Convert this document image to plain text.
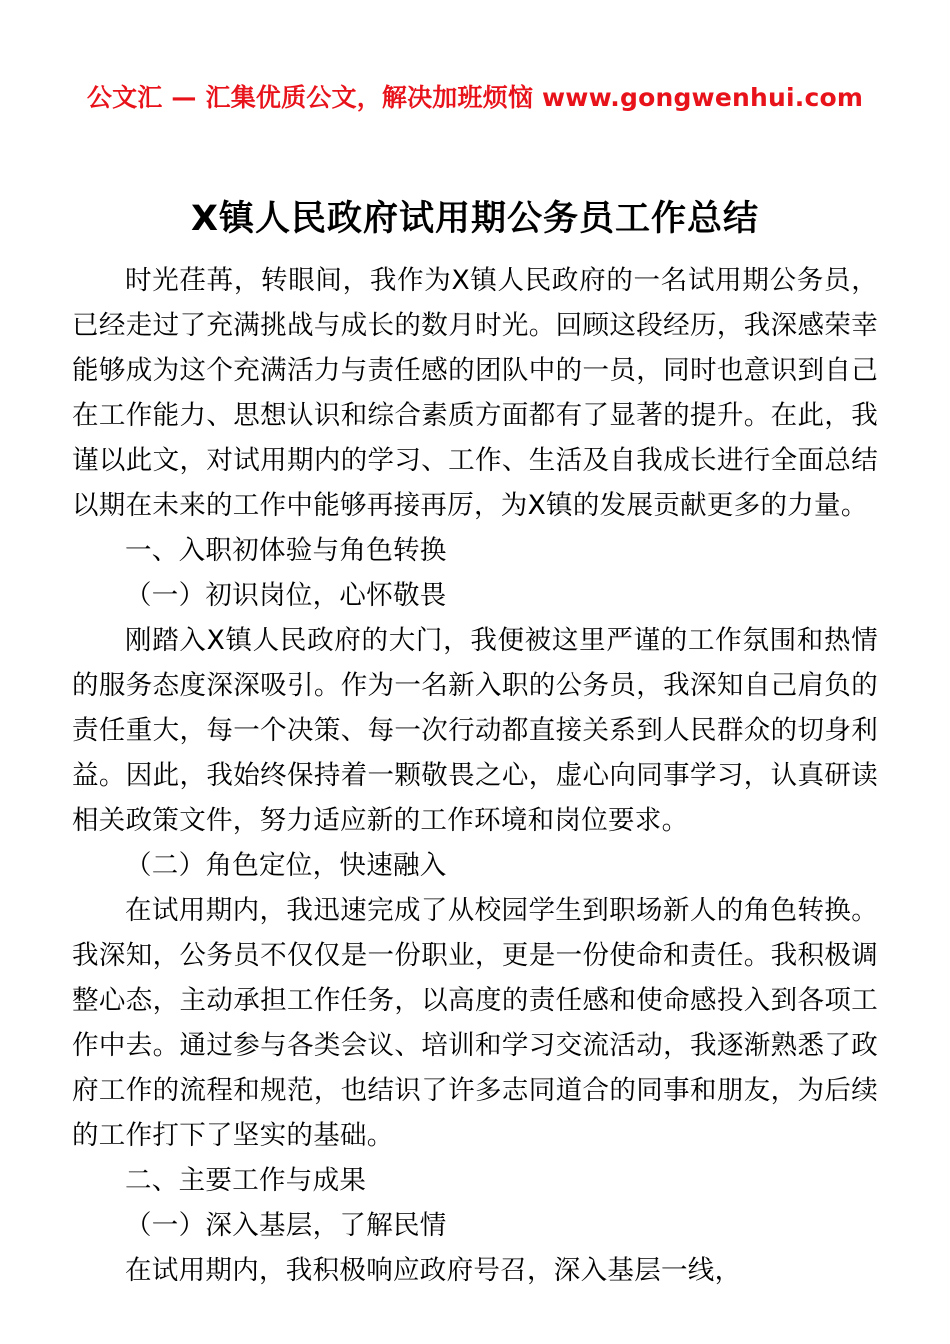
公文汇 — 汇集优质公文，解决加班烦恼 www.gongwenhui.com
X镇人民政府试用期公务员工作总结

时光荏苒，转眼间，我作为X镇人民政府的一名试用期公务员，已经走过了充满挑战与成长的数月时光。回顾这段经历，我深感荣幸能够成为这个充满活力与责任感的团队中的一员，同时也意识到自己在工作能力、思想认识和综合素质方面都有了显著的提升。在此，我谨以此文，对试用期内的学习、工作、生活及自我成长进行全面总结以期在未来的工作中能够再接再厉，为X镇的发展贡献更多的力量。

一、入职初体验与角色转换

（一）初识岗位，心怀敬畏

刚踏入X镇人民政府的大门，我便被这里严谨的工作氛围和热情的服务态度深深吸引。作为一名新入职的公务员，我深知自己肩负的责任重大，每一个决策、每一次行动都直接关系到人民群众的切身利益。因此，我始终保持着一颗敬畏之心，虚心向同事学习，认真研读相关政策文件，努力适应新的工作环境和岗位要求。

（二）角色定位，快速融入

在试用期内，我迅速完成了从校园学生到职场新人的角色转换。我深知，公务员不仅仅是一份职业，更是一份使命和责任。我积极调整心态，主动承担工作任务，以高度的责任感和使命感投入到各项工作中去。通过参与各类会议、培训和学习交流活动，我逐渐熟悉了政府工作的流程和规范，也结识了许多志同道合的同事和朋友，为后续的工作打下了坚实的基础。

二、主要工作与成果

（一）深入基层，了解民情

在试用期内，我积极响应政府号召，深入基层一线，
